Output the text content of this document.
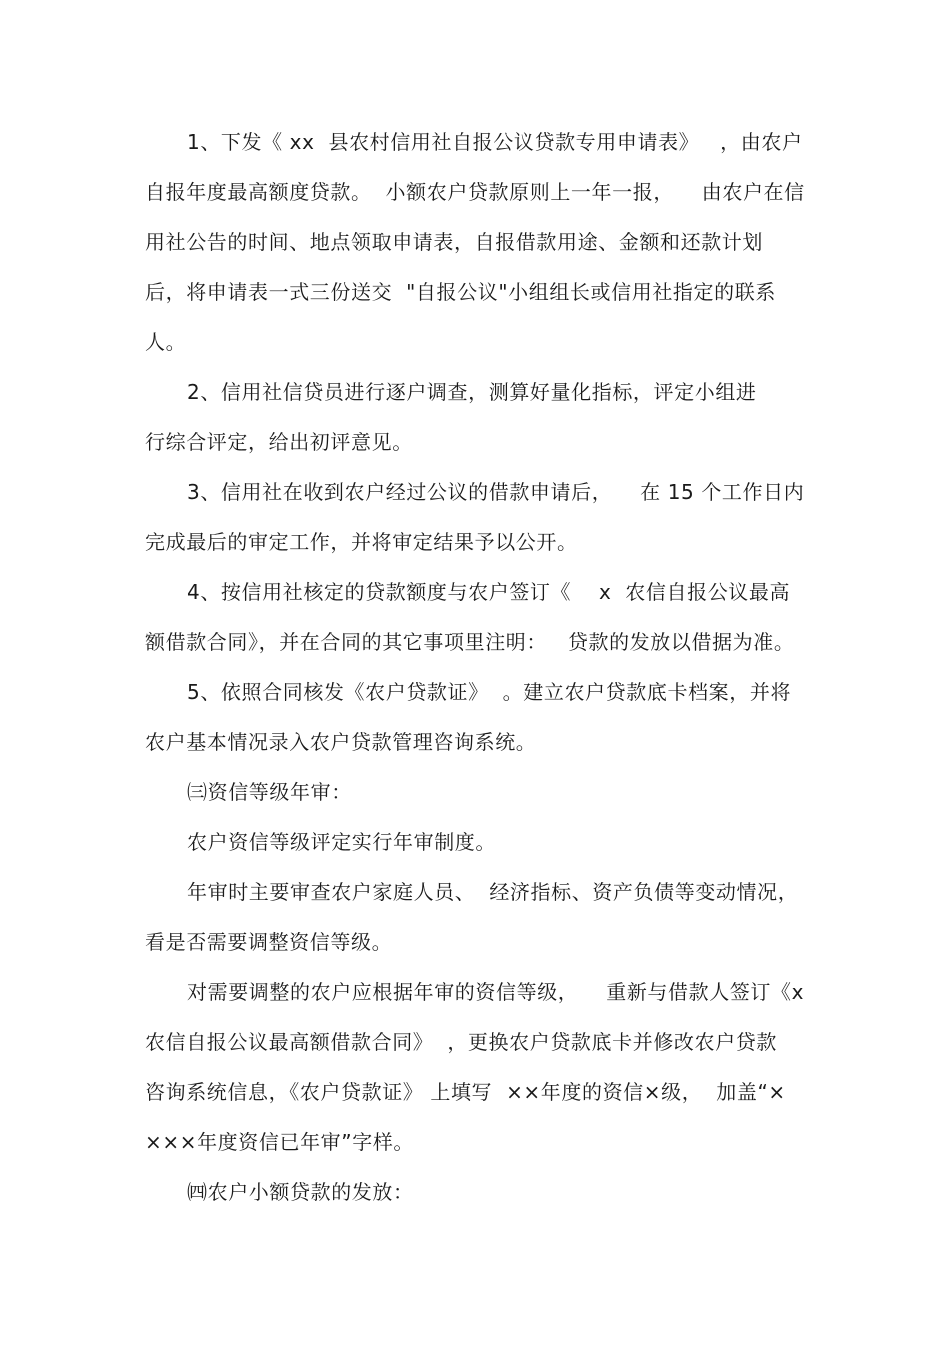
1、下发《 xx  县农村信用社自报公议贷款专用申请表》   ，由农户
自报年度最高额度贷款。  小额农户贷款原则上一年一报，    由农户在信
用社公告的时间、地点领取申请表，自报借款用途、金额和还款计划
后，将申请表一式三份送交  "自报公议"小组组长或信用社指定的联系
人。
2、信用社信贷员进行逐户调查，测算好量化指标，评定小组进
行综合评定，给出初评意见。
3、信用社在收到农户经过公议的借款申请后，    在 15 个工作日内
完成最后的审定工作，并将审定结果予以公开。
4、按信用社核定的贷款额度与农户签订《    x  农信自报公议最高
额借款合同》，并在合同的其它事项里注明：   贷款的发放以借据为准。
5、依照合同核发《农户贷款证》  。建立农户贷款底卡档案，并将
农户基本情况录入农户贷款管理咨询系统。
㈢资信等级年审：
农户资信等级评定实行年审制度。
年审时主要审查农户家庭人员、  经济指标、资产负债等变动情况，
看是否需要调整资信等级。
对需要调整的农户应根据年审的资信等级，    重新与借款人签订《x
农信自报公议最高额借款合同》  ，更换农户贷款底卡并修改农户贷款
咨询系统信息，《农户贷款证》 上填写  ××年度的资信×级，  加盖“×
×××年度资信已年审”字样。
㈣农户小额贷款的发放：
